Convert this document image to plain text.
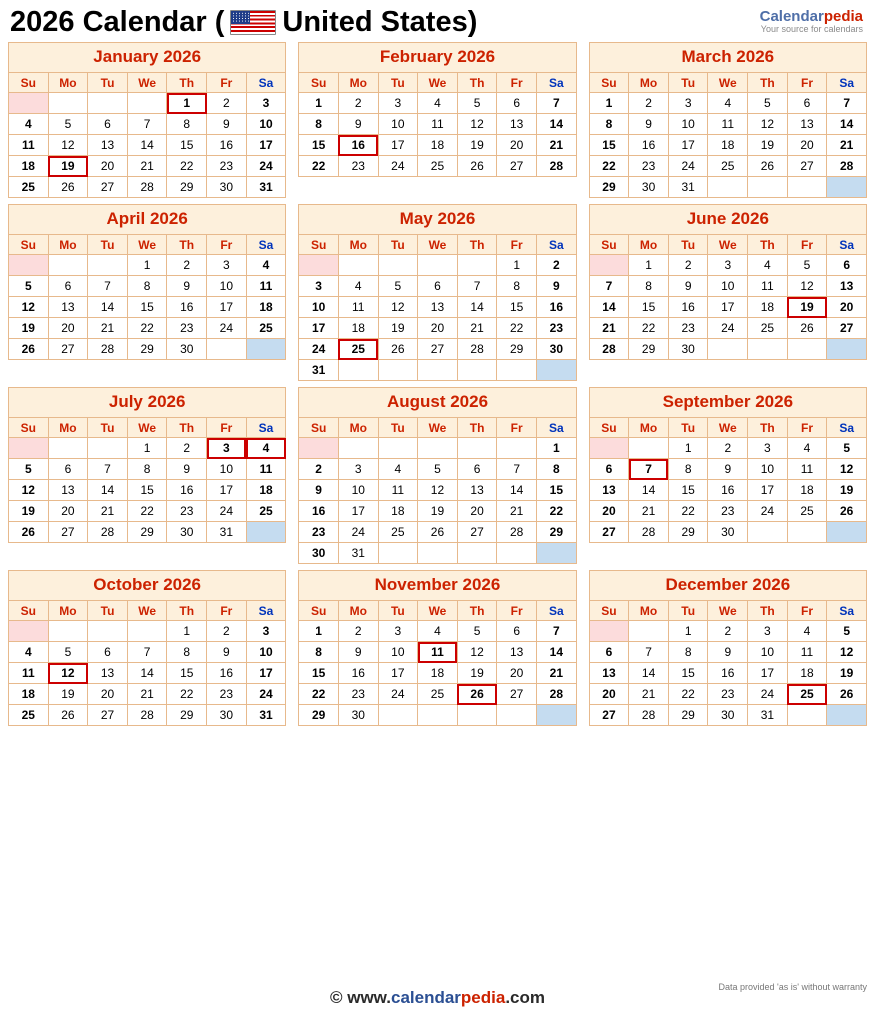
2026 Calendar ( United States)	Calendarpedia
Your source for calendars
January 2026
Su	Mo	Tu	We	Th	Fr	Sa
				1	2	3
4	5	6	7	8	9	10
11	12	13	14	15	16	17
18	19	20	21	22	23	24
25	26	27	28	29	30	31
February 2026
Su	Mo	Tu	We	Th	Fr	Sa
1	2	3	4	5	6	7
8	9	10	11	12	13	14
15	16	17	18	19	20	21
22	23	24	25	26	27	28
March 2026
Su	Mo	Tu	We	Th	Fr	Sa
1	2	3	4	5	6	7
8	9	10	11	12	13	14
15	16	17	18	19	20	21
22	23	24	25	26	27	28
29	30	31				
April 2026
Su	Mo	Tu	We	Th	Fr	Sa
			1	2	3	4
5	6	7	8	9	10	11
12	13	14	15	16	17	18
19	20	21	22	23	24	25
26	27	28	29	30		
May 2026
Su	Mo	Tu	We	Th	Fr	Sa
					1	2
3	4	5	6	7	8	9
10	11	12	13	14	15	16
17	18	19	20	21	22	23
24	25	26	27	28	29	30
31						
June 2026
Su	Mo	Tu	We	Th	Fr	Sa
	1	2	3	4	5	6
7	8	9	10	11	12	13
14	15	16	17	18	19	20
21	22	23	24	25	26	27
28	29	30				
July 2026
Su	Mo	Tu	We	Th	Fr	Sa
			1	2	3	4
5	6	7	8	9	10	11
12	13	14	15	16	17	18
19	20	21	22	23	24	25
26	27	28	29	30	31	
August 2026
Su	Mo	Tu	We	Th	Fr	Sa
						1
2	3	4	5	6	7	8
9	10	11	12	13	14	15
16	17	18	19	20	21	22
23	24	25	26	27	28	29
30	31					
September 2026
Su	Mo	Tu	We	Th	Fr	Sa
		1	2	3	4	5
6	7	8	9	10	11	12
13	14	15	16	17	18	19
20	21	22	23	24	25	26
27	28	29	30			
October 2026
Su	Mo	Tu	We	Th	Fr	Sa
				1	2	3
4	5	6	7	8	9	10
11	12	13	14	15	16	17
18	19	20	21	22	23	24
25	26	27	28	29	30	31
November 2026
Su	Mo	Tu	We	Th	Fr	Sa
1	2	3	4	5	6	7
8	9	10	11	12	13	14
15	16	17	18	19	20	21
22	23	24	25	26	27	28
29	30					
December 2026
Su	Mo	Tu	We	Th	Fr	Sa
		1	2	3	4	5
6	7	8	9	10	11	12
13	14	15	16	17	18	19
20	21	22	23	24	25	26
27	28	29	30	31		
© www.calendarpedia.com
Data provided 'as is' without warranty
